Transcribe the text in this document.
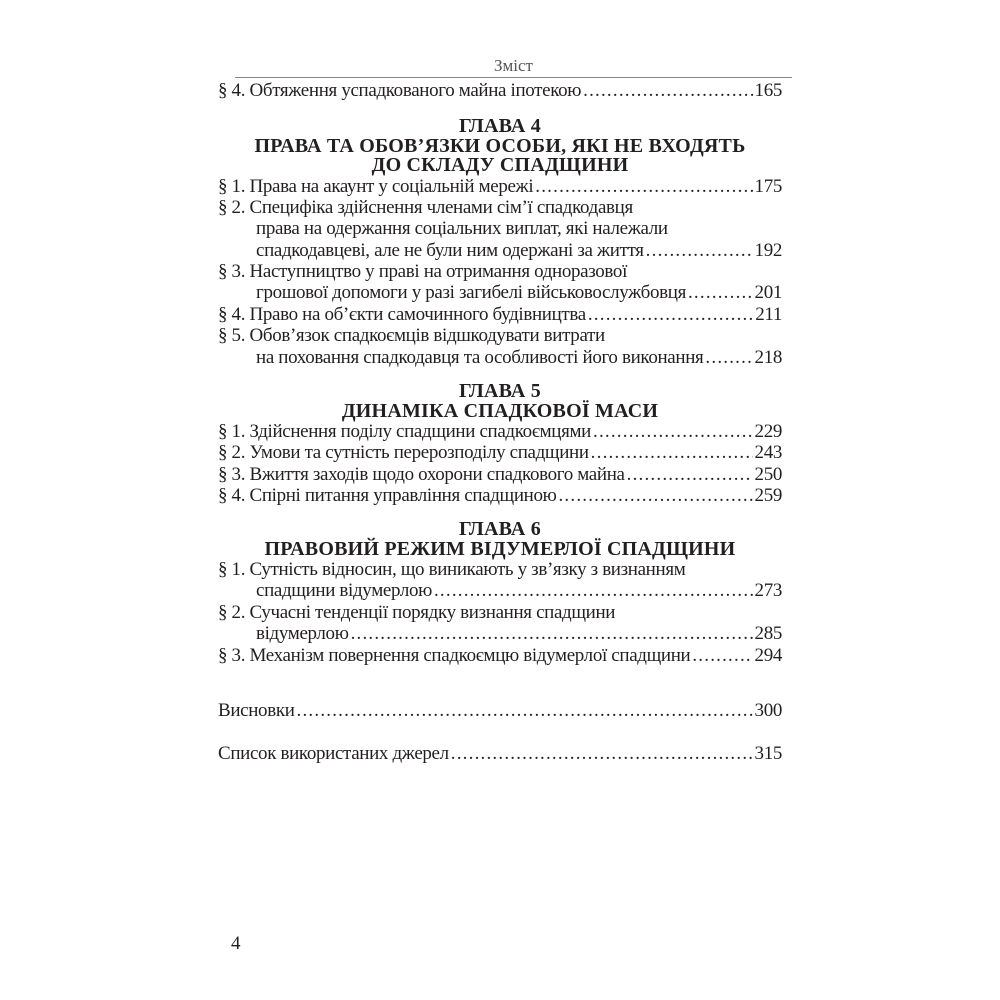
Зміст
§ 4. Обтяження успадкованого майна іпотекою .....	165
ГЛАВА 4
ПРАВА ТА ОБОВ’ЯЗКИ ОСОБИ, ЯКІ НЕ ВХОДЯТЬ
ДО СКЛАДУ СПАДЩИНИ
§ 1. Права на акаунт у соціальній мережі .....	175
§ 2. Специфіка здійснення членами сім’ї спадкодавця
права на одержання соціальних виплат, які належали
спадкодавцеві, але не були ним одержані за життя .....	192
§ 3. Наступництво у праві на отримання одноразової
грошової допомоги у разі загибелі військовослужбовця .....	201
§ 4. Право на об’єкти самочинного будівництва .....	211
§ 5. Обов’язок спадкоємців відшкодувати витрати
на поховання спадкодавця та особливості його виконання .....	218
ГЛАВА 5
ДИНАМІКА СПАДКОВОЇ МАСИ
§ 1. Здійснення поділу спадщини спадкоємцями .....	229
§ 2. Умови та сутність перерозподілу спадщини .....	243
§ 3. Вжиття заходів щодо охорони спадкового майна .....	250
§ 4. Спірні питання управління спадщиною .....	259
ГЛАВА 6
ПРАВОВИЙ РЕЖИМ ВІДУМЕРЛОЇ СПАДЩИНИ
§ 1. Сутність відносин, що виникають у зв’язку з визнанням
спадщини відумерлою .....	273
§ 2. Сучасні тенденції порядку визнання спадщини
відумерлою .....	285
§ 3. Механізм повернення спадкоємцю відумерлої спадщини .....	294
Висновки .....	300
Список використаних джерел .....	315
4
